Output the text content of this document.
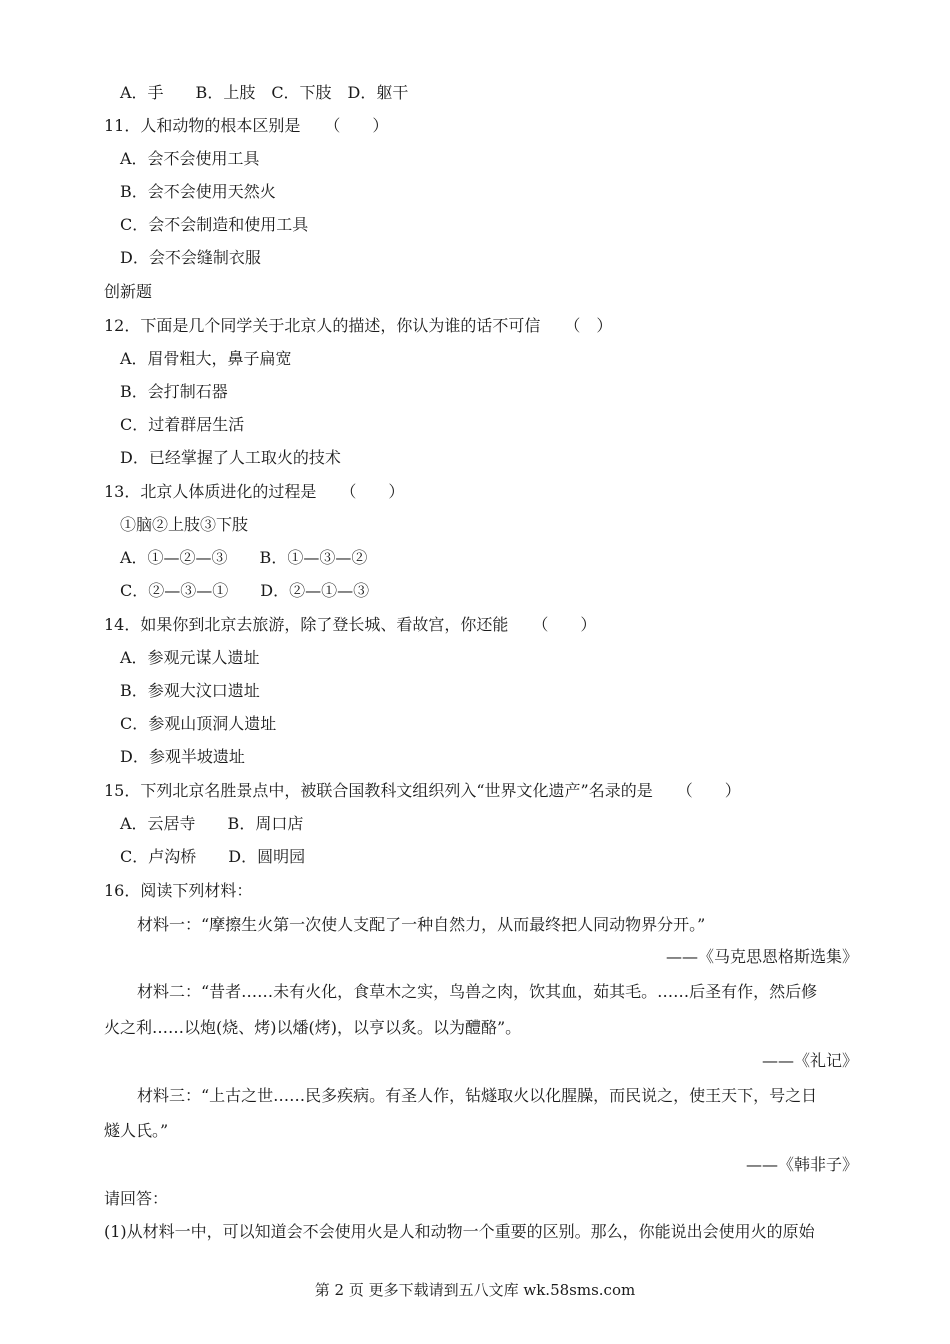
A．手　　B．上肢　C．下肢　D．躯干
11．人和动物的根本区别是　　（　　）
A．会不会使用工具
B．会不会使用天然火
C．会不会制造和使用工具
D．会不会缝制衣服
创新题
12．下面是几个同学关于北京人的描述，你认为谁的话不可信　　（　）
A．眉骨粗大，鼻子扁宽
B．会打制石器
C．过着群居生活
D．已经掌握了人工取火的技术
13．北京人体质进化的过程是　　（　　）
①脑②上肢③下肢
A．①—②—③　　B．①—③—②
C．②—③—①　　D．②—①—③
14．如果你到北京去旅游，除了登长城、看故宫，你还能　　（　　）
A．参观元谋人遗址
B．参观大汶口遗址
C．参观山顶洞人遗址
D．参观半坡遗址
15．下列北京名胜景点中，被联合国教科文组织列入“世界文化遗产”名录的是　　（　　）
A．云居寺　　B．周口店
C．卢沟桥　　D．圆明园
16．阅读下列材料：
材料一：“摩擦生火第一次使人支配了一种自然力，从而最终把人同动物界分开。”
——《马克思恩格斯选集》
材料二：“昔者……未有火化，食草木之实，鸟兽之肉，饮其血，茹其毛。……后圣有作，然后修
火之利……以炮(烧、烤)以燔(烤)，以亨以炙。以为醴酪”。
——《礼记》
材料三：“上古之世……民多疾病。有圣人作，钻燧取火以化腥臊，而民说之，使王天下，号之日
燧人氏。”
——《韩非子》
请回答：
(1)从材料一中，可以知道会不会使用火是人和动物一个重要的区别。那么，你能说出会使用火的原始
第 2 页 更多下载请到五八文库 wk.58sms.com
